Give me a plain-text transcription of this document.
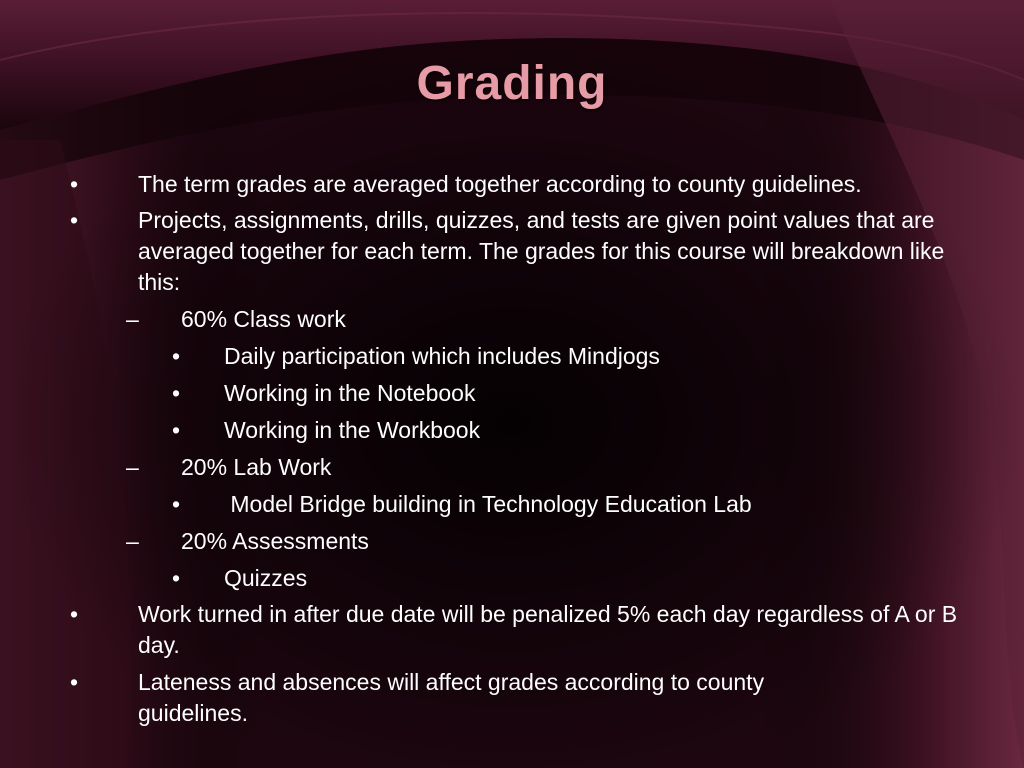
Grading
•	The term grades are averaged together according to county guidelines.
•	Projects, assignments, drills, quizzes, and tests are given point values that are averaged together for each term. The grades for this course will breakdown like this:
– 60% Class work
• Daily participation which includes Mindjogs
• Working in the Notebook
• Working in the Workbook
– 20% Lab Work
• Model Bridge building in Technology Education Lab
– 20% Assessments
• Quizzes
•	Work turned in after due date will be penalized 5% each day regardless of A or B day.
•	Lateness and absences will affect grades according to county guidelines.
